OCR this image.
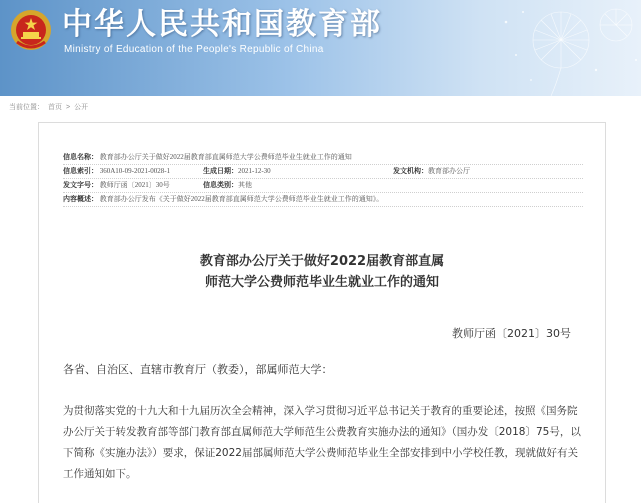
中华人民共和国教育部
Ministry of Education of the People's Republic of China
当前位置： 首页 > 公开
信息名称： 教育部办公厅关于做好2022届教育部直属师范大学公费师范毕业生就业工作的通知
信息索引： 360A10-09-2021-0028-1	生成日期：2021-12-30	发文机构：教育部办公厅
发文字号： 教师厅函〔2021〕30号	信息类别：其他
内容概述： 教育部办公厅发布《关于做好2022届教育部直属师范大学公费师范毕业生就业工作的通知》。
教育部办公厅关于做好2022届教育部直属
师范大学公费师范毕业生就业工作的通知
教师厅函〔2021〕30号
各省、自治区、直辖市教育厅（教委），部属师范大学：
为贯彻落实党的十九大和十九届历次全会精神，深入学习贯彻习近平总书记关于教育的重要论述，按照《国务院办公厅关于转发教育部等部门教育部直属师范大学师范生公费教育实施办法的通知》（国办发〔2018〕75号，以下简称《实施办法》）要求，保证2022届部属师范大学公费师范毕业生全部安排到中小学校任教，现就做好有关工作通知如下。
